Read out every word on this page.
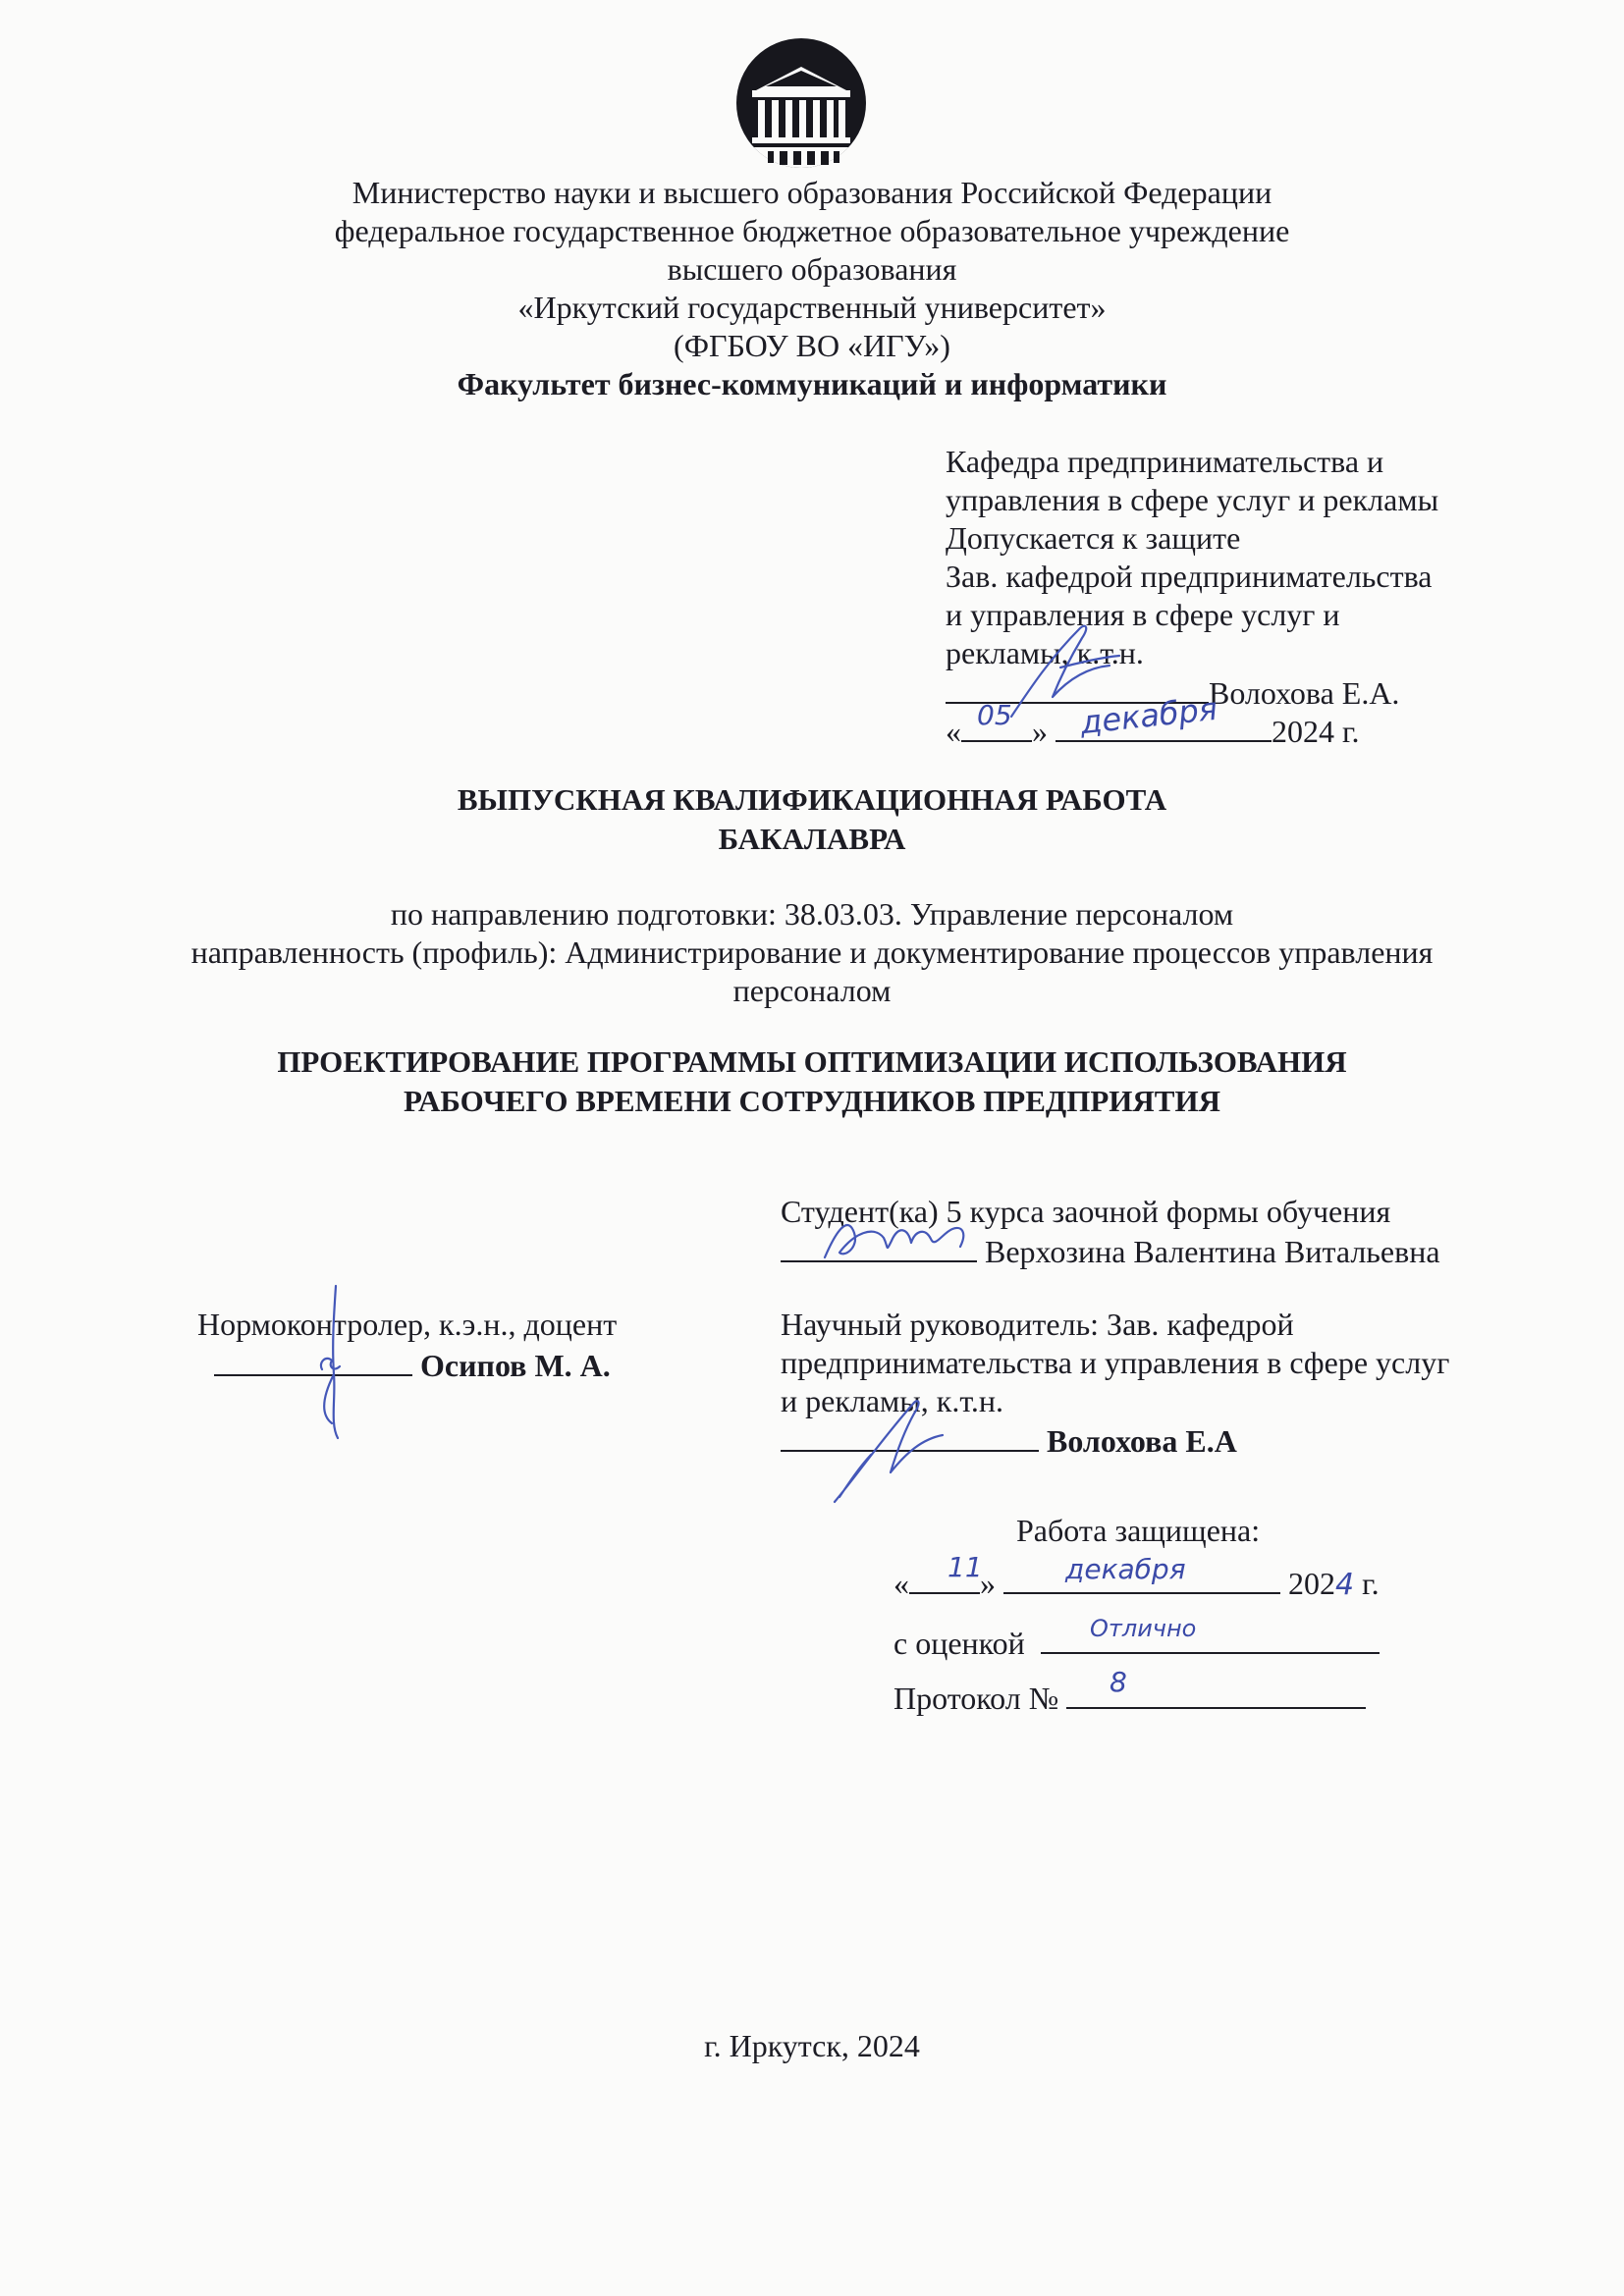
Министерство науки и высшего образования Российской Федерации
федеральное государственное бюджетное образовательное учреждение
высшего образования
«Иркутский государственный университет»
(ФГБОУ ВО «ИГУ»)
Факультет бизнес-коммуникаций и информатики
Кафедра предпринимательства и
управления в сфере услуг и рекламы
Допускается к защите
Зав. кафедрой предпринимательства
и управления в сфере услуг и
рекламы, к.т.н.
Волохова Е.А.
« »	2024 г.
05 декабря
ВЫПУСКНАЯ КВАЛИФИКАЦИОННАЯ РАБОТА
БАКАЛАВРА
по направлению подготовки: 38.03.03. Управление персоналом
направленность (профиль): Администрирование и документирование процессов управления
персоналом
ПРОЕКТИРОВАНИЕ ПРОГРАММЫ ОПТИМИЗАЦИИ ИСПОЛЬЗОВАНИЯ
РАБОЧЕГО ВРЕМЕНИ СОТРУДНИКОВ ПРЕДПРИЯТИЯ
Студент(ка) 5 курса заочной формы обучения
Верхозина Валентина Витальевна
Нормоконтролер, к.э.н., доцент
Осипов М. А.
Научный руководитель: Зав. кафедрой
предпринимательства и управления в сфере услуг
и рекламы, к.т.н.
Волохова Е.А
Работа защищена:
« »	2024 г.
11	декабря
с оценкой	Отлично
Протокол №	8
г. Иркутск, 2024
